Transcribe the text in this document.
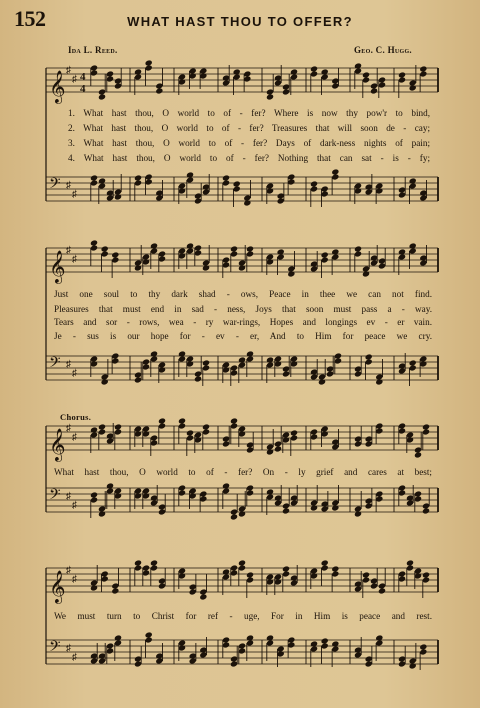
152	WHAT HAST THOU TO OFFER?
Ida L. Reed.	Geo. C. Hugg.
𝄞 ♯
♯
𝄢 ♯
♯
𝄞 ♯
♯
𝄢 ♯
♯
𝄞 ♯
♯
𝄢 ♯
♯
𝄞 ♯
♯
𝄢 ♯
♯
4
4
Chorus.
1. What hast thou, O world to of - fer? Where is now thy pow'r to bind,
2. What hast thou, O world to of - fer? Treasures that will soon de - cay;
3. What hast thou, O world to of - fer? Days of dark-ness nights of pain;
4. What hast thou, O world to of - fer? Nothing that can sat - is - fy;
Just one soul to thy dark shad - ows, Peace in thee we can not find.
Pleasures that must end in sad - ness, Joys that soon must pass a - way.
Tears and sor - rows, wea - ry war-rings, Hopes and longings ev - er vain.
Je - sus is our hope for - ev - er, And to Him for peace we cry.
What hast thou, O world to of - fer? On - ly grief and cares at best;
We must turn to Christ for ref - uge, For in Him is peace and rest.
